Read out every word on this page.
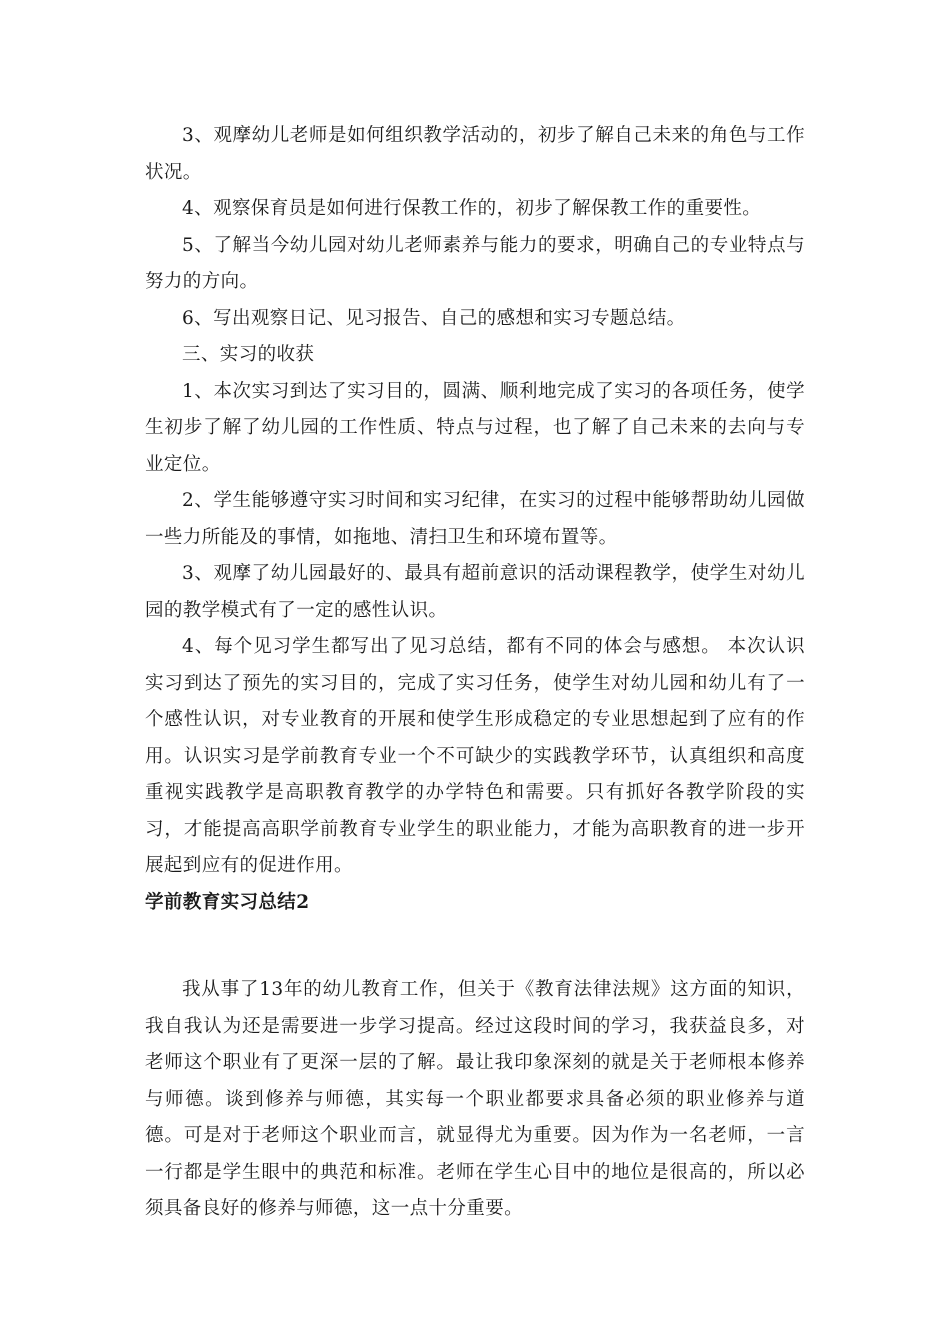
3、观摩幼儿老师是如何组织教学活动的，初步了解自己未来的角色与工作状况。

4、观察保育员是如何进行保教工作的，初步了解保教工作的重要性。

5、了解当今幼儿园对幼儿老师素养与能力的要求，明确自己的专业特点与努力的方向。

6、写出观察日记、见习报告、自己的感想和实习专题总结。

三、实习的收获

1、本次实习到达了实习目的，圆满、顺利地完成了实习的各项任务，使学生初步了解了幼儿园的工作性质、特点与过程，也了解了自己未来的去向与专业定位。

2、学生能够遵守实习时间和实习纪律，在实习的过程中能够帮助幼儿园做一些力所能及的事情，如拖地、清扫卫生和环境布置等。

3、观摩了幼儿园最好的、最具有超前意识的活动课程教学，使学生对幼儿园的教学模式有了一定的感性认识。

4、每个见习学生都写出了见习总结，都有不同的体会与感想。 本次认识实习到达了预先的实习目的，完成了实习任务，使学生对幼儿园和幼儿有了一个感性认识，对专业教育的开展和使学生形成稳定的专业思想起到了应有的作用。认识实习是学前教育专业一个不可缺少的实践教学环节，认真组织和高度重视实践教学是高职教育教学的办学特色和需要。只有抓好各教学阶段的实习，才能提高高职学前教育专业学生的职业能力，才能为高职教育的进一步开展起到应有的促进作用。

学前教育实习总结2

我从事了13年的幼儿教育工作，但关于《教育法律法规》这方面的知识，我自我认为还是需要进一步学习提高。经过这段时间的学习，我获益良多，对老师这个职业有了更深一层的了解。最让我印象深刻的就是关于老师根本修养与师德。谈到修养与师德，其实每一个职业都要求具备必须的职业修养与道德。可是对于老师这个职业而言，就显得尤为重要。因为作为一名老师，一言一行都是学生眼中的典范和标准。老师在学生心目中的地位是很高的，所以必须具备良好的修养与师德，这一点十分重要。
